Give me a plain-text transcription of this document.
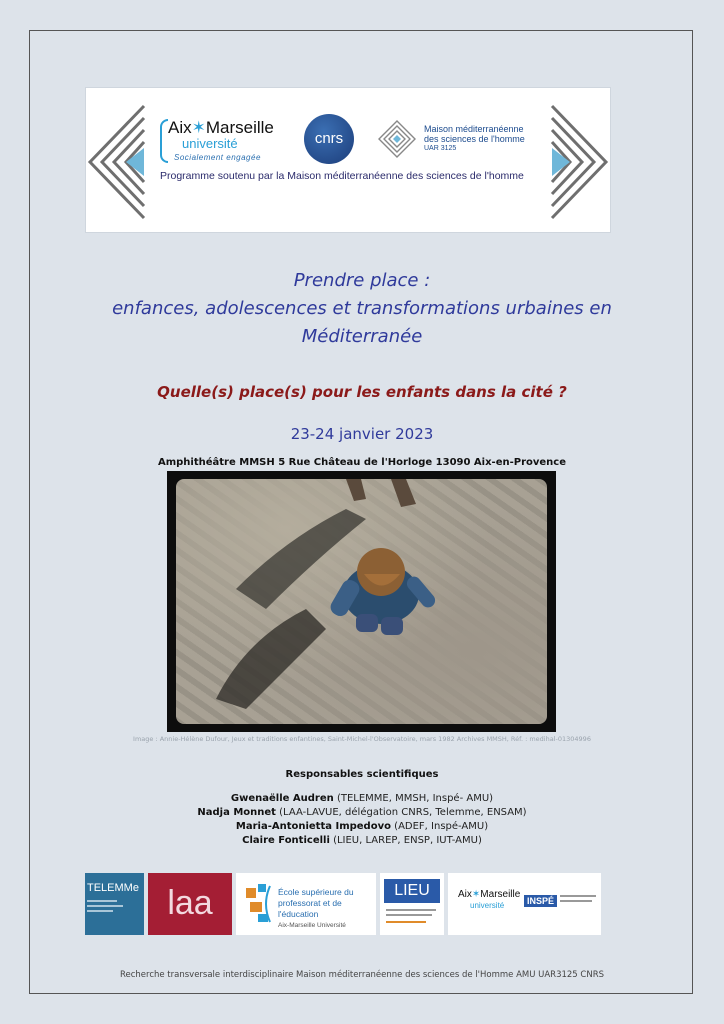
Aix✶Marseille
université
Socialement engagée
cnrs
Maison méditerranéenne
des sciences de l'homme
UAR 3125
Programme soutenu par la Maison méditerranéenne des sciences de l'homme
Prendre place :
enfances, adolescences et transformations urbaines en
Méditerranée
Quelle(s) place(s) pour les enfants dans la cité ?
23-24 janvier 2023
Amphithéâtre MMSH 5 Rue Château de l'Horloge 13090 Aix-en-Provence
Image : Annie-Hélène Dufour, Jeux et traditions enfantines, Saint-Michel-l'Observatoire, mars 1982 Archives MMSH, Réf. : medihal-01304996
Responsables scientifiques
Gwenaëlle Audren (TELEMME, MMSH, Inspé- AMU)
Nadja Monnet (LAA-LAVUE, délégation CNRS, Telemme, ENSAM)
Maria-Antonietta Impedovo (ADEF, Inspé-AMU)
Claire Fonticelli (LIEU, LAREP, ENSP, IUT-AMU)
TELEMMe laa	École supérieure du
professorat et de l'éducation
Aix-Marseille Université
LIEU	Aix✶Marseille
université	INSPÉ
Recherche transversale interdisciplinaire Maison méditerranéenne des sciences de l'Homme AMU UAR3125 CNRS
